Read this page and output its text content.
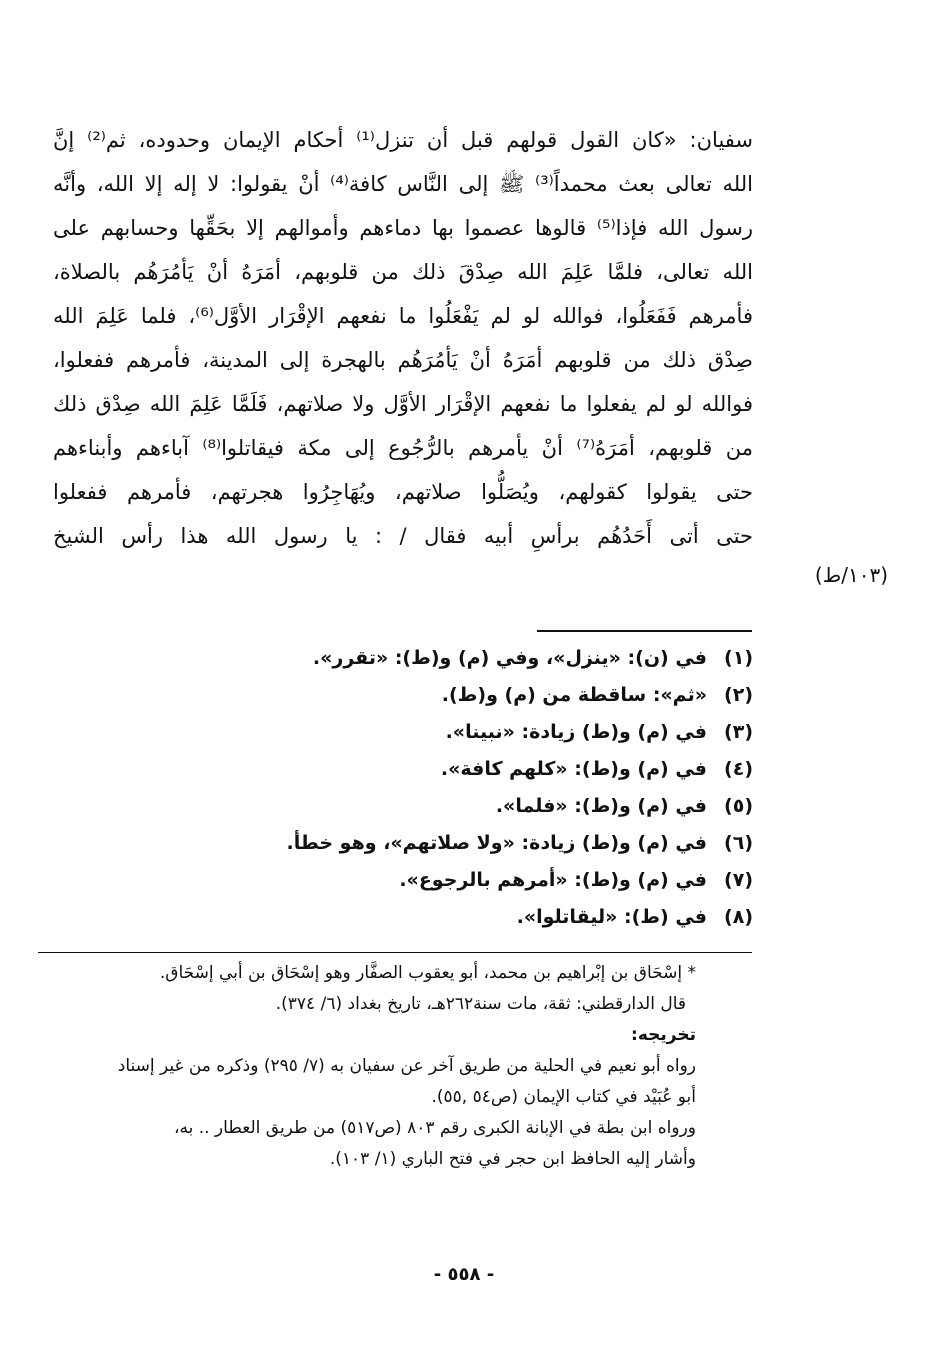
سفيان: «كان القول قولهم قبل أن تنزل⁽¹⁾ أحكام الإيمان وحدوده، ثم⁽²⁾ إنَّ
الله تعالى بعث محمداً⁽³⁾ ﷺ إلى النَّاس كافة⁽⁴⁾ أنْ يقولوا: لا إله إلا الله، وأنَّه
رسول الله فإذا⁽⁵⁾ قالوها عصموا بها دماءهم وأموالهم إلا بحَقِّها وحسابهم على
الله تعالى، فلمَّا عَلِمَ الله صِدْقَ ذلك من قلوبهم، أمَرَهُ أنْ يَأمُرَهُم بالصلاة،
فأمرهم فَفَعَلُوا، فوالله لو لم يَفْعَلُوا ما نفعهم الإقْرَار الأوَّل⁽⁶⁾، فلما عَلِمَ الله
صِدْق ذلك من قلوبهم أمَرَهُ أنْ يَأمُرَهُم بالهجرة إلى المدينة، فأمرهم ففعلوا،
فوالله لو لم يفعلوا ما نفعهم الإقْرَار الأوَّل ولا صلاتهم، فَلَمَّا عَلِمَ الله صِدْق ذلك
من قلوبهم، أمَرَهُ⁽⁷⁾ أنْ يأمرهم بالرُّجُوع إلى مكة فيقاتلوا⁽⁸⁾ آباءهم وأبناءهم
حتى يقولوا كقولهم، ويُصَلُّوا صلاتهم، ويُهَاجِرُوا هجرتهم، فأمرهم ففعلوا
حتى أتى أَحَدُهُم برأسِ أبيه فقال / : يا رسول الله هذا رأس الشيخ
(١٠٣/ط)
(١)في (ن): «ينزل»، وفي (م) و(ط): «تقرر».
(٢)«ثم»: ساقطة من (م) و(ط).
(٣)في (م) و(ط) زيادة: «نبينا».
(٤)في (م) و(ط): «كلهم كافة».
(٥)في (م) و(ط): «فلما».
(٦)في (م) و(ط) زيادة: «ولا صلاتهم»، وهو خطأ.
(٧)في (م) و(ط): «أمرهم بالرجوع».
(٨)في (ط): «ليقاتلوا».
* إسْحَاق بن إبْراهيم بن محمد، أبو يعقوب الصفَّار وهو إسْحَاق بن أبي إسْحَاق.
قال الدارقطني: ثقة، مات سنة٢٦٢هـ، تاريخ بغداد (٦/ ٣٧٤).
تخريجه:
رواه أبو نعيم في الحلية من طريق آخر عن سفيان به (٧/ ٢٩٥) وذكره من غير إسناد
أبو عُبَيْد في كتاب الإيمان (ص٥٤ ,٥٥).
ورواه ابن بطة في الإبانة الكبرى رقم ٨٠٣ (ص٥١٧) من طريق العطار .. به،
وأشار إليه الحافظ ابن حجر في فتح الباري (١/ ١٠٣).
- ٥٥٨ -
